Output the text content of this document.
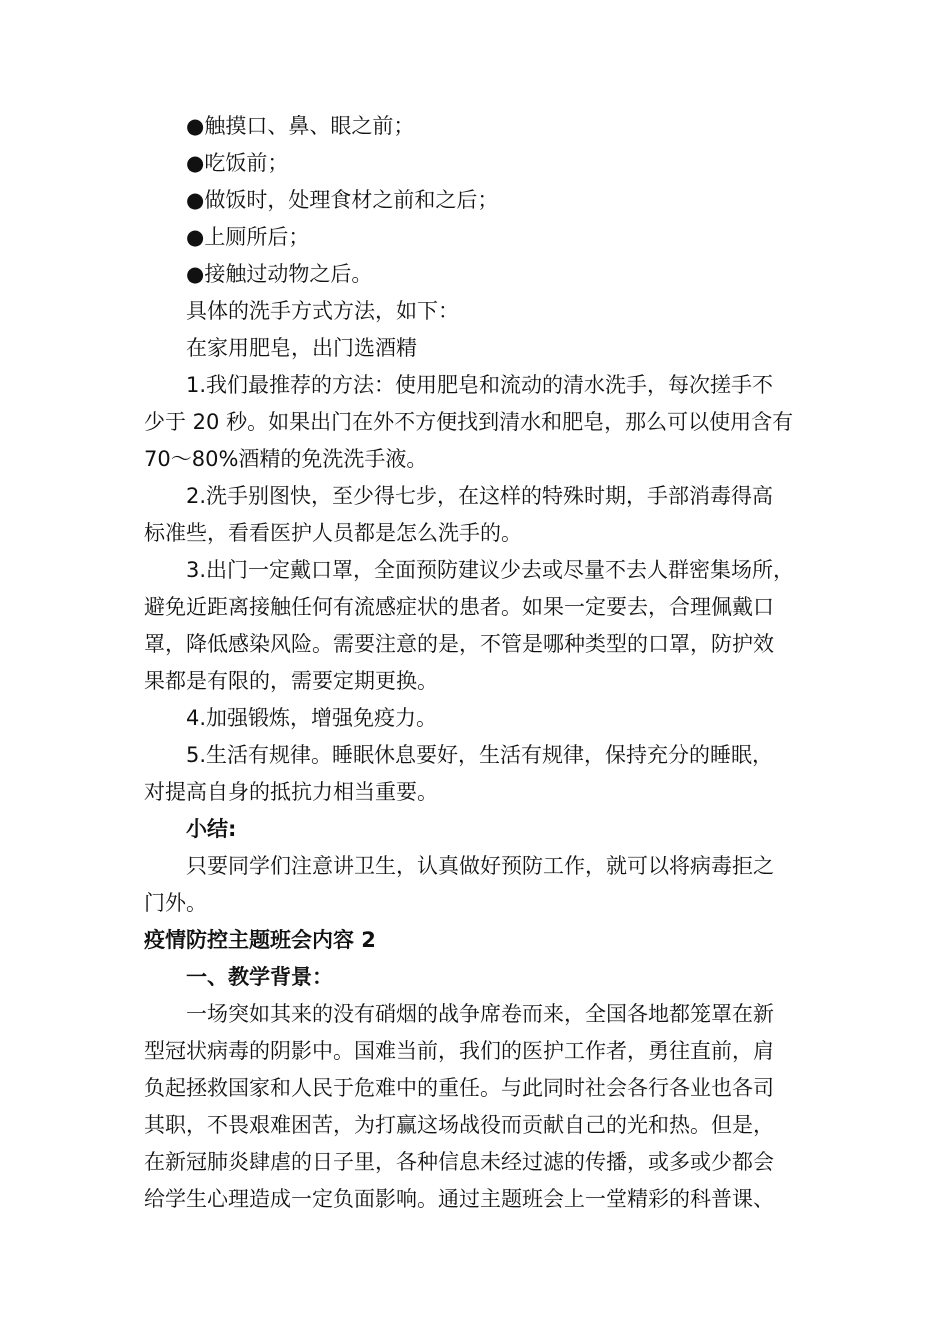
●触摸口、鼻、眼之前；
●吃饭前；
●做饭时，处理食材之前和之后；
●上厕所后；
●接触过动物之后。
具体的洗手方式方法，如下：
在家用肥皂，出门选酒精
1.我们最推荐的方法：使用肥皂和流动的清水洗手，每次搓手不
少于 20 秒。如果出门在外不方便找到清水和肥皂，那么可以使用含有
70～80%酒精的免洗洗手液。
2.洗手别图快，至少得七步，在这样的特殊时期，手部消毒得高
标准些，看看医护人员都是怎么洗手的。
3.出门一定戴口罩，全面预防建议少去或尽量不去人群密集场所，
避免近距离接触任何有流感症状的患者。如果一定要去，合理佩戴口
罩，降低感染风险。需要注意的是，不管是哪种类型的口罩，防护效
果都是有限的，需要定期更换。
4.加强锻炼，增强免疫力。
5.生活有规律。睡眠休息要好，生活有规律，保持充分的睡眠，
对提高自身的抵抗力相当重要。
小结:
只要同学们注意讲卫生，认真做好预防工作，就可以将病毒拒之
门外。
疫情防控主题班会内容 2
一、教学背景：
一场突如其来的没有硝烟的战争席卷而来，全国各地都笼罩在新
型冠状病毒的阴影中。国难当前，我们的医护工作者，勇往直前，肩
负起拯救国家和人民于危难中的重任。与此同时社会各行各业也各司
其职，不畏艰难困苦，为打赢这场战役而贡献自己的光和热。但是，
在新冠肺炎肆虐的日子里，各种信息未经过滤的传播，或多或少都会
给学生心理造成一定负面影响。通过主题班会上一堂精彩的科普课、
